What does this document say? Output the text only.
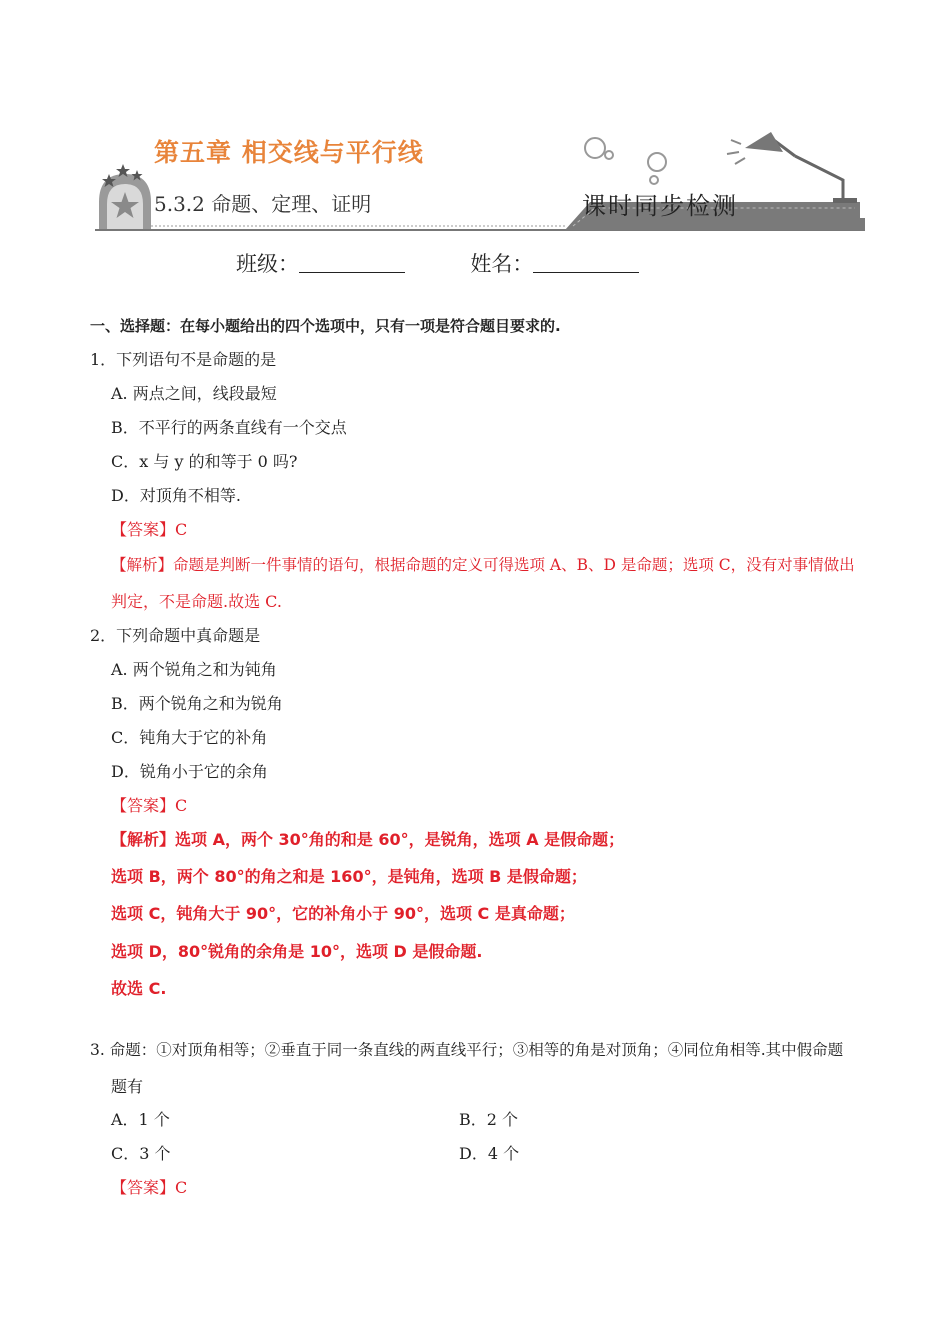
第五章 相交线与平行线
5.3.2 命题、定理、证明	课时同步检测
班级：	姓名：
一、选择题：在每小题给出的四个选项中，只有一项是符合题目要求的.
1．下列语句不是命题的是
A. 两点之间，线段最短
B．不平行的两条直线有一个交点
C．x 与 y 的和等于 0 吗?
D．对顶角不相等.
【答案】C
【解析】命题是判断一件事情的语句，根据命题的定义可得选项 A、B、D 是命题；选项 C，没有对事情做出
判定，不是命题.故选 C.
2．下列命题中真命题是
A. 两个锐角之和为钝角
B．两个锐角之和为锐角
C．钝角大于它的补角
D．锐角小于它的余角
【答案】C
【解析】选项 A，两个 30°角的和是 60°，是锐角，选项 A 是假命题；
选项 B，两个 80°的角之和是 160°，是钝角，选项 B 是假命题；
选项 C，钝角大于 90°，它的补角小于 90°，选项 C 是真命题；
选项 D，80°锐角的余角是 10°，选项 D 是假命题.
故选 C.
3. 命题：①对顶角相等；②垂直于同一条直线的两直线平行；③相等的角是对顶角；④同位角相等.其中假命题
题有
A．1 个	B．2 个
C．3 个	D．4 个
【答案】C
